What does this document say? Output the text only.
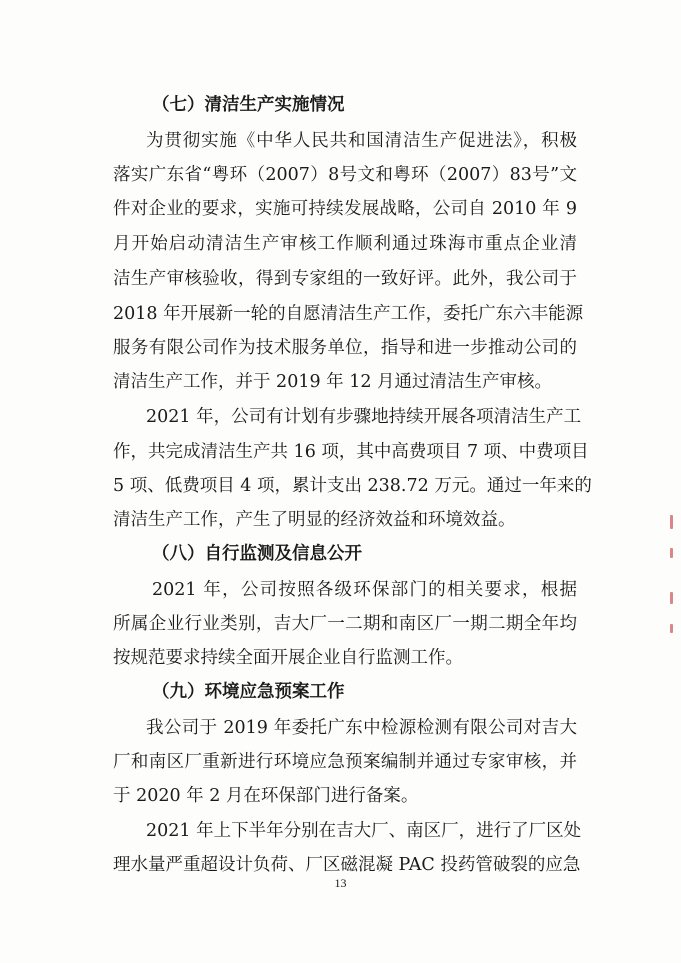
（七）清洁生产实施情况
为贯彻实施《中华人民共和国清洁生产促进法》，积极
落实广东省“粤环（2007）8号文和粤环（2007）83号”文
件对企业的要求，实施可持续发展战略，公司自 2010 年 9
月开始启动清洁生产审核工作顺利通过珠海市重点企业清
洁生产审核验收，得到专家组的一致好评。此外，我公司于
2018 年开展新一轮的自愿清洁生产工作，委托广东六丰能源
服务有限公司作为技术服务单位，指导和进一步推动公司的
清洁生产工作，并于 2019 年 12 月通过清洁生产审核。
2021 年，公司有计划有步骤地持续开展各项清洁生产工
作，共完成清洁生产共 16 项，其中高费项目 7 项、中费项目
5 项、低费项目 4 项，累计支出 238.72 万元。通过一年来的
清洁生产工作，产生了明显的经济效益和环境效益。
（八）自行监测及信息公开
2021 年，公司按照各级环保部门的相关要求，根据
所属企业行业类别，吉大厂一二期和南区厂一期二期全年均
按规范要求持续全面开展企业自行监测工作。
（九）环境应急预案工作
我公司于 2019 年委托广东中检源检测有限公司对吉大
厂和南区厂重新进行环境应急预案编制并通过专家审核，并
于 2020 年 2 月在环保部门进行备案。
2021 年上下半年分别在吉大厂、南区厂，进行了厂区处
理水量严重超设计负荷、厂区磁混凝 PAC 投药管破裂的应急
13
